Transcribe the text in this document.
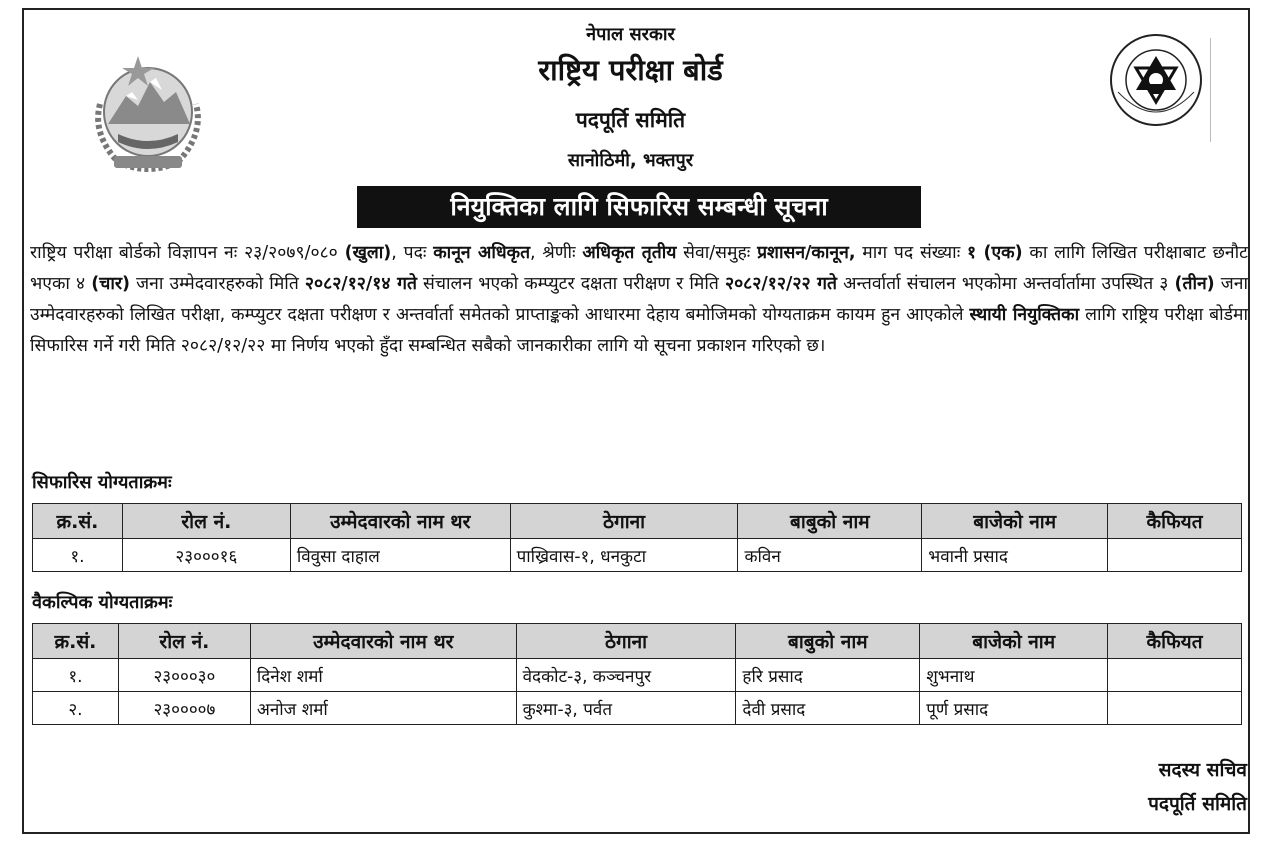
नेपाल सरकार
राष्ट्रिय परीक्षा बोर्ड
पदपूर्ति समिति
सानोठिमी, भक्तपुर
नियुक्तिका लागि सिफारिस सम्बन्धी सूचना
राष्ट्रिय परीक्षा बोर्डको विज्ञापन नः २३/२०७९/०८० (खुला), पदः कानून अधिकृत, श्रेणीः अधिकृत तृतीय सेवा/समुहः प्रशासन/कानून, माग पद संख्याः १ (एक) का लागि लिखित परीक्षाबाट छनौट भएका ४ (चार) जना उम्मेदवारहरुको मिति २०८२/१२/१४ गते संचालन भएको कम्प्युटर दक्षता परीक्षण र मिति २०८२/१२/२२ गते अन्तर्वार्ता संचालन भएकोमा अन्तर्वार्तामा उपस्थित ३ (तीन) जना उम्मेदवारहरुको लिखित परीक्षा, कम्प्युटर दक्षता परीक्षण र अन्तर्वार्ता समेतको प्राप्ताङ्कको आधारमा देहाय बमोजिमको योग्यताक्रम कायम हुन आएकोले स्थायी नियुक्तिका लागि राष्ट्रिय परीक्षा बोर्डमा सिफारिस गर्ने गरी मिति २०८२/१२/२२ मा निर्णय भएको हुँदा सम्बन्धित सबैको जानकारीका लागि यो सूचना प्रकाशन गरिएको छ।
सिफारिस योग्यताक्रमः
क्र.सं.	रोल नं.	उम्मेदवारको नाम थर	ठेगाना	बाबुको नाम	बाजेको नाम	कैफियत
१.	२३०००१६	विवुसा दाहाल	पाख्रिवास-१, धनकुटा	कविन	भवानी प्रसाद	
वैकल्पिक योग्यताक्रमः
क्र.सं.	रोल नं.	उम्मेदवारको नाम थर	ठेगाना	बाबुको नाम	बाजेको नाम	कैफियत
१.	२३०००३०	दिनेश शर्मा	वेदकोट-३, कञ्चनपुर	हरि प्रसाद	शुभनाथ	
२.	२३००००७	अनोज शर्मा	कुश्मा-३, पर्वत	देवी प्रसाद	पूर्ण प्रसाद	
सदस्य सचिव
पदपूर्ति समिति
